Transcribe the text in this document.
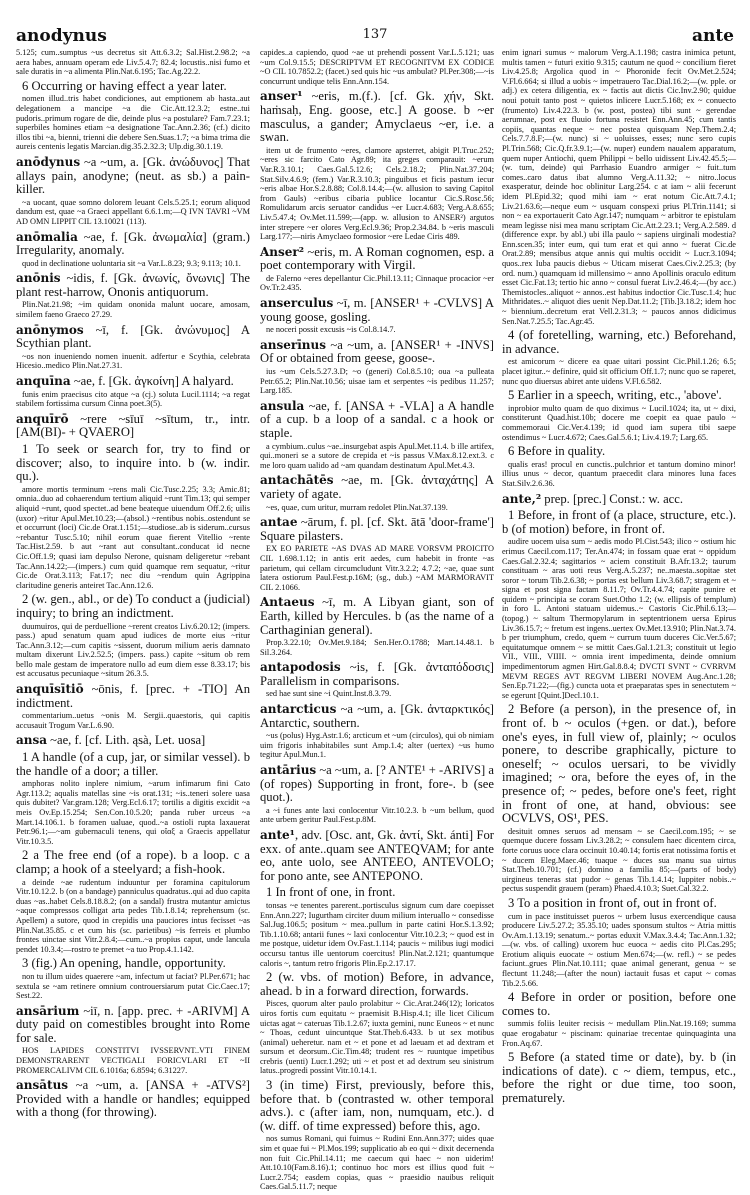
anodynus	137	ante
5.125; cum..sumptus ~us decretus sit Att.6.3.2; Sal.Hist.2.98.2; ~a aera habes, annuam operam ede Liv.5.4.7; 82.4; locustis..nisi fumo et sale duratis in ~a alimenta Plin.Nat.6.195; Tac.Ag.22.2.
6 Occurring or having effect a year later.
nomen illud..tris habet condiciones, aut emptionem ab hasta..aut delegationem a mancipe ~a die Cic.Att.12.3.2; estne..tui pudoris..primum rogare de die, deinde plus ~a postulare? Fam.7.23.1; superbiles homines etiam ~a designatione Tac.Ann.2.36; (cf.) dicito illos tibi ~a, bienni, trienni die debere Sen.Suas.1.7; ~a bima trima die aureis centenis legatis Marcian.dig.35.2.32.3; Ulp.dig.30.1.19.
anōdynus ~a ~um, a. [Gk. ἀνώδυνος] That allays pain, anodyne; (neut. as sb.) a pain-killer.
~a uocant, quae somno dolorem leuant Cels.5.25.1; eorum aliquod dandum est, quae ~a Graeci appellant 6.6.1.m;—Q IVN TAVRI ~VM AD OMN LIPPIT CIL 13.10021 (113).
anōmalia ~ae, f. [Gk. ἀνωμαλία] (gram.) Irregularity, anomaly.
quod in declinatione uoluntaria sit ~a Var.L.8.23; 9.3; 9.113; 10.1.
anōnis ~idis, f. [Gk. ἀνωνίς, ὄνωνις] The plant rest-harrow, Ononis antiquorum.
Plin.Nat.21.98; ~im quidam ononida malunt uocare, amosam, similem faeno Graeco 27.29.
anōnymos ~ī, f. [Gk. ἀνώνυμος] A Scythian plant.
~os non inueniendo nomen inuenit. adfertur e Scythia, celebrata Hicesio..medico Plin.Nat.27.31.
anquīna ~ae, f. [Gk. ἀγκοίνη] A halyard.
funis enim praecisus cito atque ~a (cj.) soluta Lucil.1114; ~a regat stabilem fortissima cursum Cinna poet.3(5).
anquīrō ~rere ~sīuī ~sītum, tr., intr. [AM(BI)- + QVAERO]
1 To seek or search for, try to find or discover; also, to inquire into. b (w. indir. qu.).
amore mortis terminum ~rens mali Cic.Tusc.2.25; 3.3; Amic.81; omnia..duo ad cohaerendum tertium aliquid ~runt Tim.13; qui semper aliquid ~runt, quod spectet..ad bene beateque uiuendum Off.2.6; uilis (uxor) ~ritur Apul.Met.10.23;—(absol.) ~rentibus nobis..ostendunt se et occurrunt (loci) Cic.de Orat.1.151;—studiose..ab is siderum..cursus ~rebantur Tusc.5.10; nihil eorum quae fierent Vitellio ~rente Tac.Hist.2.59. b aut ~rant aut consultant..conducat id necne Cic.Off.1.9; quasi iam depulso Nerone, quisnam deligeretur ~rebant Tac.Ann.14.22;—(impers.) cum quid quamque rem sequatur, ~ritur Cic.de Orat.3.113; Fat.17; nec diu ~rendum quin Agrippina claritudine generis anteiret Tac.Ann.12.6.
2 (w. gen., abl., or de) To conduct a (judicial) inquiry; to bring an indictment.
duumuiros, qui de perduellione ~rerent creatos Liv.6.20.12; (impers. pass.) apud senatum quam apud iudices de morte eius ~ritur Tac.Ann.3.12;—cum capitis ~sissent, duorum milium aeris damnato multam dixerunt Liv.2.52.5; (impers. pass.) capite ~situm ob rem bello male gestam de imperatore nullo ad eum diem esse 8.33.17; bis est accusatus pecuniaque ~situm 26.3.5.
anquīsītiō ~ōnis, f. [prec. + -TIO] An indictment.
commentarium..uetus ~onis M. Sergii..quaestoris, qui capitis accusauit Trogum Var.L.6.90.
ansa ~ae, f. [cf. Lith. ąsà, Let. uosa]
1 A handle (of a cup, jar, or similar vessel). b the handle of a door; a tiller.
amphoras nolito inplere nimium, ~arum infimarum fini Cato Agr.113.2; aqualis matellas sine ~is orat.131; ~is..teneri solere uasa quis dubitet? Var.gram.128; Verg.Ecl.6.17; tortilis a digitis excidit ~a meis Ov.Ep.15.254; Sen.Con.10.5.20; panda ruber urceus ~a Mart.14.106.1. b foramen ualuae, quod..~a ostioli rupta laxauerat Petr.96.1;—~am gubernaculi tenens, qui οἴαξ a Graecis appellatur Vitr.10.3.5.
2 a The free end (of a rope). b a loop. c a clamp; a hook of a steelyard; a fish-hook.
a deinde ~ae rudentum induuntur per foramina capitulorum Vitr.10.12.2. b (on a bandage) panniculus quadratus..qui ad duo capita duas ~as..habet Cels.8.18.8.2; (on a sandal) frustra mutantur amictus ~aque compressos colligat arta pedes Tib.1.8.14; reprehensum (sc. Apellem) a sutore, quod in crepidis una pauciores intus fecisset ~as Plin.Nat.35.85. c et cum his (sc. parietibus) ~is ferreis et plumbo frontes uinctae sint Vitr.2.8.4;—cum..~a propius caput, unde lancula pendet 10.3.4;—rostro te premet ~a tuo Prop.4.1.142.
3 (fig.) An opening, handle, opportunity.
non tu illum uides quaerere ~am, infectum ut faciat? Pl.Per.671; hac sextula se ~am retinere omnium controuersiarum putat Cic.Caec.17; Sest.22.
ansārium ~iī, n. [app. prec. + -ARIVM] A duty paid on comestibles brought into Rome for sale.
HOS LAPIDES CONSTITVI IVSSERVNT..VTI FINEM DEMONSTRARENT VECTIGALI FORICVLARI ET ~II PROMERCALIVM CIL 6.1016a; 6.8594; 6.31227.
ansātus ~a ~um, a. [ANSA + -ATVS²] Provided with a handle or handles; equipped with a thong (for throwing).
capides..a capiendo, quod ~ae ut prehendi possent Var.L.5.121; uas ~um Col.9.15.5; DESCRIPTVM ET RECOGNITVM EX CODICE ~O CIL 10.7852.2; (facet.) sed quis hic ~us ambulat? Pl.Per.308;—~is concurrunt undique telis Enn.Ann.154.
anser¹ ~eris, m.(f.). [cf. Gk. χήν, Skt. haṁsaḥ, Eng. goose, etc.] A goose. b ~er masculus, a gander; Amyclaeus ~er, i.e. a swan.
item ut de frumento ~eres, clamore apsterret, abigit Pl.Truc.252; ~eres sic farcito Cato Agr.89; ita greges comparauit: ~erum Var.R.3.10.1; Caes.Gal.5.12.6; Cels.2.18.2; Plin.Nat.37.204; Stat.Silv.4.6.9; (fem.) Var.R.3.10.3; pinguibus et ficis pastum iecur ~eris albae Hor.S.2.8.88; Col.8.14.4;—(w. allusion to saving Capitol from Gauls) ~eribus cibaria publice locantur Cic.S.Rosc.56; Romulidarum arcis seruator candidus ~er Lucr.4.683; Verg.A.8.655; Liv.5.47.4; Ov.Met.11.599;—(app. w. allusion to ANSER²) argutos inter strepere ~er olores Verg.Ecl.9.36; Prop.2.34.84. b ~eris masculi Larg.177;—niris Amyclaeo formosior ~ere Ledae Ciris 489.
Anser² ~eris, m. A Roman cognomen, esp. a poet contemporary with Virgil.
de Falerno ~eres depellantur Cic.Phil.13.11; Cinnaque procacior ~er Ov.Tr.2.435.
anserculus ~ī, m. [ANSER¹ + -CVLVS] A young goose, gosling.
ne noceri possit excusis ~is Col.8.14.7.
anserīnus ~a ~um, a. [ANSER¹ + -INVS] Of or obtained from geese, goose-.
ius ~um Cels.5.27.3.D; ~o (generi) Col.8.5.10; oua ~a pulleata Petr.65.2; Plin.Nat.10.56; uisae iam et serpentes ~is pedibus 11.257; Larg.185.
ansula ~ae, f. [ANSA + -VLA] a A handle of a cup. b a loop of a sandal. c a hook or staple.
a cymbium..culus ~ae..insurgebat aspis Apul.Met.11.4. b ille artifex, qui..moneri se a sutore de crepida et ~is passus V.Max.8.12.ext.3. c me loro quam ualido ad ~am quandam destinatum Apul.Met.4.3.
antachātēs ~ae, m. [Gk. ἀνταχάτης] A variety of agate.
~es, quae, cum uritur, murram redolet Plin.Nat.37.139.
antae ~ārum, f. pl. [cf. Skt. ātā 'door-frame'] Square pilasters.
EX EO PARIETE ~AS DVAS AD MARE VORSVM PROICITO CIL 1.698.1.12; in antis erit aedes, cum habebit in fronte ~as parietum, qui cellam circumcludunt Vitr.3.2.2; 4.7.2; ~ae, quae sunt latera ostiorum Paul.Fest.p.16M; (sg., dub.) ~AM MARMORAVIT CIL 2.1066.
Antaeus ~ī, m. A Libyan giant, son of Earth, killed by Hercules. b (as the name of a Carthaginian general).
Prop.3.22.10; Ov.Met.9.184; Sen.Her.O.1788; Mart.14.48.1. b Sil.3.264.
antapodosis ~is, f. [Gk. ἀνταπόδοσις] Parallelism in comparisons.
sed hae sunt sine ~i Quint.Inst.8.3.79.
antarcticus ~a ~um, a. [Gk. ἀνταρκτικός] Antarctic, southern.
~us (polus) Hyg.Astr.1.6; arcticum et ~um (circulos), qui ob nimiam uim frigoris inhabitabiles sunt Amp.1.4; alter (uertex) ~us humo tegitur Apul.Mun.1.
antārius ~a ~um, a. [? ANTE¹ + -ARIVS] a (of ropes) Supporting in front, fore-. b (see quot.).
a ~i funes ante laxi conlocentur Vitr.10.2.3. b ~um bellum, quod ante urbem geritur Paul.Fest.p.8M.
ante¹, adv. [Osc. ant, Gk. ἀντί, Skt. ánti] For exx. of ante..quam see ANTEQVAM; for ante eo, ante uolo, see ANTEEO, ANTEVOLO; for pono ante, see ANTEPONO.
1 In front of one, in front.
tonsas ~e tenentes parerent..portisculus signum cum dare coepisset Enn.Ann.227; Iugurtham circiter duum milium interuallo ~ consedisse Sal.Jug.106.5; positum ~ mea..pullum in parte catini Hor.S.1.3.92; Tib.1.10.68; antarii funes ~ laxi conlocentur Vitr.10.2.3; ~ quod est in me postque, uidetur idem Ov.Fast.1.114; paucis ~ milibus iugi modici occursu tantus ille uentorum coercitus! Plin.Nat.2.121; quantumque caloris ~, tantum retro frigoris Plin.Ep.2.17.17.
2 (w. vbs. of motion) Before, in advance, ahead. b in a forward direction, forwards.
Pisces, quorum alter paulo prolabitur ~ Cic.Arat.246(12); loricatos uiros fortis cum equitatu ~ praemisit B.Hisp.4.1; ille licet Cilicum uictas agat ~ cateruas Tib.1.2.67; iuxta gemini, nunc Euneos ~ et nunc ~ Thoas, cedunt uincuntque Stat.Theb.6.433. b ut sex motibus (animal) ueheretur. nam et ~ et pone et ad laeuam et ad dextram et sursum et deorsum..Cic.Tim.48; trudent res ~ ruuntque impetibus crebris (uenti) Lucr.1.292; uti ~ et post et ad dextrum seu sinistrum latus..progredi possint Vitr.10.14.1.
3 (in time) First, previously, before this, before that. b (contrasted w. other temporal advs.). c (after iam, non, numquam, etc.). d (w. diff. of time expressed) before this, ago.
nos sumus Romani, qui fuimus ~ Rudini Enn.Ann.377; uides quae sim et quae fui ~ Pl.Mos.199; supplicatio ab eo qui ~ dixit decernenda non fuit Cic.Phil.14.11; me caecum qui haec ~ non uiderim! Att.10.10(Fam.8.16).1; continuo hoc mors est illius quod fuit ~ Lucr.2.754; easdem copias, quas ~ praesidio nauibus reliquit Caes.Gal.5.11.7; neque
enim ignari sumus ~ malorum Verg.A.1.198; castra inimica petunt, multis tamen ~ futuri exitio 9.315; cautum ne quod ~ concilium fieret Liv.4.25.8; Argolica quod in ~ Phoronide fecit Ov.Met.2.524; V.Fl.6.664; si illud a uobis ~ impetrauero Tac.Dial.16.2;—(w. pple. or adj.) ex cetera diligentia, ex ~ factis aut dictis Cic.Inv.2.90; quidue noui potuit tanto post ~ quietos inlicere Lucr.5.168; ex ~ conuecto (frumento) Liv.4.22.3. b (w. post, postea) tibi sunt ~ gerendae aerumnae, post ex fluuio fortuna resistet Enn.Ann.45; cum tantis copiis, quantas neque ~ nec postea quisquam Nep.Them.2.4; Cels.7.7.8.F;—(w. nunc) si ~ uoluisses, esses; nunc sero cupis Pl.Trin.568; Cic.Q.fr.3.9.1;—(w. nuper) eundem naualem apparatum, quem nuper Antiochi, quem Philippi ~ bello uidissent Liv.42.45.5;—(w. tum, deinde) qui Parrhasio Euandro armiger ~ fuit..tum comes..caro datus ibat alumno Verg.A.11.32; ~ nitro..locus exasperatur, deinde hoc oblinitur Larg.254. c at iam ~ alii fecerunt idem Pl.Epid.32; quod mihi iam ~ erat notum Cic.Att.7.4.1; Liv.21.63.6;—neque eum ~ usquam conspexi prius Pl.Trin.1141; si non ~ ea exportauerit Cato Agr.147; numquam ~ arbitror te epistulam meam legisse nisi mea manu scriptam Cic.Att.2.23.1; Verg.A.2.589. d (difference expr. by abl.) ubi illa paulo ~ sapiens uirginali modestia? Enn.scen.35; inter eum, qui tum erat et qui anno ~ fuerat Cic.de Orat.2.89; mensibus atque annis qui multis occidit ~ Lucr.3.1094; quos..rex Iuba paucis diebus ~ Uticam miserat Caes.Civ.2.25.3; (by ord. num.) quamquam id millensimo ~ anno Apollinis oraculo editum esset Cic.Fat.13; tertio hic anno ~ consul fuerat Liv.2.46.4;—(by acc.) Themistocles..aliquot ~ annos..est habitus indoctior Cic.Tusc.1.4; huc Mithridates..~ aliquot dies uenit Nep.Dat.11.2; [Tib.]3.18.2; idem hoc ~ biennium..decretum erat Vell.2.31.3; ~ paucos annos didicimus Sen.Nat.7.25.5; Tac.Agr.45.
4 (of foretelling, warning, etc.) Beforehand, in advance.
est amicorum ~ dicere ea quae uitari possint Cic.Phil.1.26; 6.5; placet igitur..~ definire, quid sit officium Off.1.7; nunc quo se raperet, nunc quo diuersus abiret ante uidens V.Fl.6.582.
5 Earlier in a speech, writing, etc., 'above'.
inprobior multo quam de quo diximus ~ Lucil.1024; ita, ut ~ dixi, constiterunt Quad.hist.10b; docere me coepit ea quae paulo ~ commemoraui Cic.Ver.4.139; id quod iam supera tibi saepe ostendimus ~ Lucr.4.672; Caes.Gal.5.6.1; Liv.4.19.7; Larg.65.
6 Before in quality.
qualis eras! procul en cunctis..pulchrior et tantum domino minor! illius unus ~ decor, quantum praecedit clara minores luna faces Stat.Silv.2.6.36.
ante,² prep. [prec.] Const.: w. acc.
1 Before, in front of (a place, structure, etc.). b (of motion) before, in front of.
audire uocem uisa sum ~ aedis modo Pl.Cist.543; ilico ~ ostium hic erimus Caecil.com.117; Ter.An.474; in fossam quae erat ~ oppidum Caes.Gal.2.32.4; sagittarios ~ aciem constituit B.Afr.13.2; taurum constituam ~ aras uoti reus Verg.A.5.237; ne..maesta..sopitae stet soror ~ torum Tib.2.6.38; ~ portas est bellum Liv.3.68.7; stragem et ~ signa et post signa factam 8.11.7; Ov.Tr.4.4.74; capite punire et quidem ~ principia se coram Suet.Otho 1.2; (w. ellipsis of templum) in foro L. Antoni statuam uidemus..~ Castoris Cic.Phil.6.13;—(topog.) ~ saltum Thermopylarum in septentrionem uersa Epirus Liv.36.15.7; ~ fretum est ingens..uertex Ov.Met.13.910; Plin.Nat.3.74. b per triumphum, credo, quem ~ currum tuum duceres Cic.Ver.5.67; equitatumque omnem ~ se mittit Caes.Gal.1.21.3; constituit ut legio VII., VIII., VIIII. ~ omnia irent impedimenta, deinde omnium impedimentorum agmen Hirt.Gal.8.8.4; DVCTI SVNT ~ CVRRVM MEVM REGES AVT REGVM LIBERI NOVEM Aug.Anc.1.28; Sen.Ep.71.22;—(fig.) cuncta uota et praeparatas spes in senectutem ~ se egerunt [Quint.]Decl.10.1.
2 Before (a person), in the presence of, in front of. b ~ oculos (+gen. or dat.), before one's eyes, in full view of, plainly; ~ oculos ponere, to describe graphically, picture to oneself; ~ oculos uersari, to be vividly imagined; ~ ora, before the eyes of, in the presence of; ~ pedes, before one's feet, right in front of one, at hand, obvious: see OCVLVS, OS¹, PES.
desituit omnes seruos ad mensam ~ se Caecil.com.195; ~ se quemque ducere fossam Liv.3.28.2; ~ consulem haec dicentem circa, forte coruus uoce clara occinuit 10.40.14; fortis erat notissima fortis et ~ ducem Eleg.Maec.46; tuaque ~ duces sua manu sua uirtus Stat.Theb.10.701; (cf.) domino a familia 85;—(parts of body) uirgineus teneras stat pudor ~ genas Tib.1.4.14; Iuppiter nobis..~ pectus suspendit grauem (peram) Phaed.4.10.3; Suet.Cal.32.2.
3 To a position in front of, out in front of.
cum in pace instituisset pueros ~ urbem lusus exercendique causa producere Liv.5.27.2; 35.35.10; uades sponsum stultos ~ Atria mittis Ov.Am.1.13.19; senatum..~ portas eduxit V.Max.3.4.4; Tac.Ann.1.32;—(w. vbs. of calling) uxorem huc euoca ~ aedis cito Pl.Cas.295; Erotium aliquis euocate ~ ostium Men.674;—(w. refl.) ~ se pedes faciunt..grues Plin.Nat.10.111; quae animal generant, genua ~ se flectunt 11.248;—(after the noun) iactauit fusas et caput ~ comas Tib.2.5.66.
4 Before in order or position, before one comes to.
summis foliis leuiter recisis ~ medullam Plin.Nat.19.169; summa quae erogabatur ~ piscinam: quinariae trecentae quinquaginta una Fron.Aq.67.
5 Before (a stated time or date), by. b (in indications of date). c ~ diem, tempus, etc., before the right or due time, too soon, prematurely.
